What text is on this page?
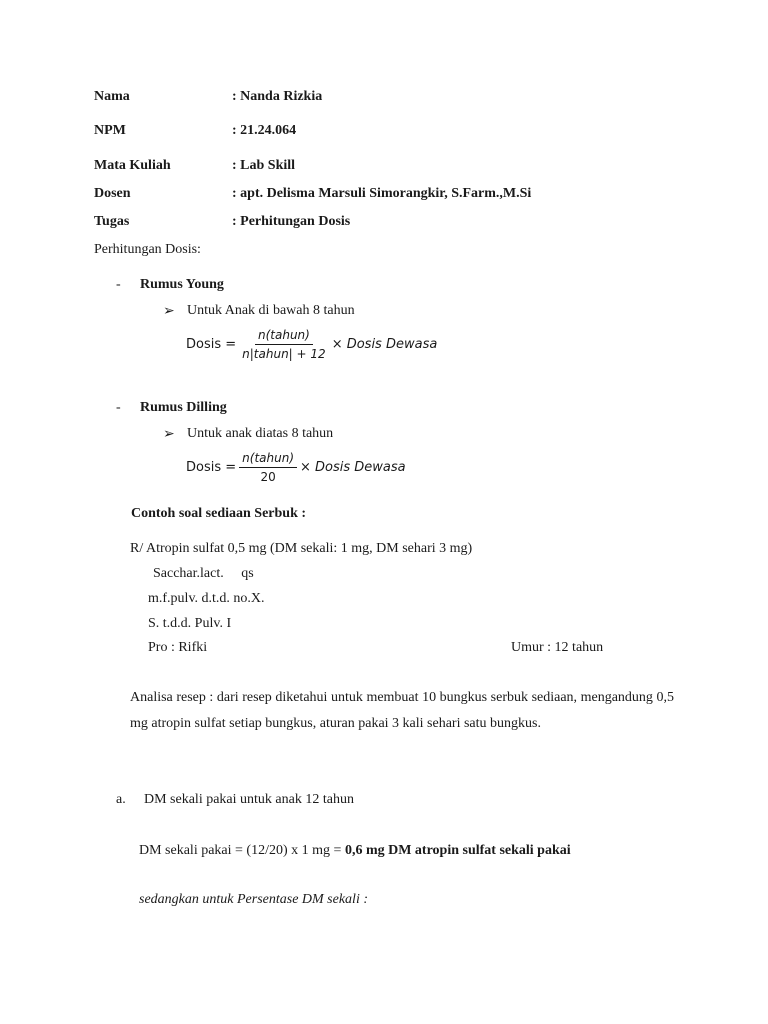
Nama	: Nanda Rizkia
NPM	: 21.24.064
Mata Kuliah	: Lab Skill
Dosen	: apt. Delisma Marsuli Simorangkir, S.Farm.,M.Si
Tugas	: Perhitungan Dosis
Perhitungan Dosis:
- Rumus Young
➢ Untuk Anak di bawah 8 tahun
Dosis = $\frac{\text{n(tahun)}}{\text{n|tahun| + 12}}$ × Dosis Dewasa
- Rumus Dilling
➢ Untuk anak diatas 8 tahun
Dosis = $\frac{\text{n(tahun)}}{20}$ × Dosis Dewasa
Contoh soal sediaan Serbuk :
R/ Atropin sulfat 0,5 mg (DM sekali: 1 mg, DM sehari 3 mg)
Sacchar.lact.     qs
m.f.pulv. d.t.d. no.X.
S. t.d.d. Pulv. I
Pro : Rifki	Umur : 12 tahun
Analisa resep : dari resep diketahui untuk membuat 10 bungkus serbuk sediaan, mengandung 0,5 mg atropin sulfat setiap bungkus, aturan pakai 3 kali sehari satu bungkus.
a. DM sekali pakai untuk anak 12 tahun
DM sekali pakai = (12/20) x 1 mg = 0,6 mg DM atropin sulfat sekali pakai
sedangkan untuk Persentase DM sekali :
